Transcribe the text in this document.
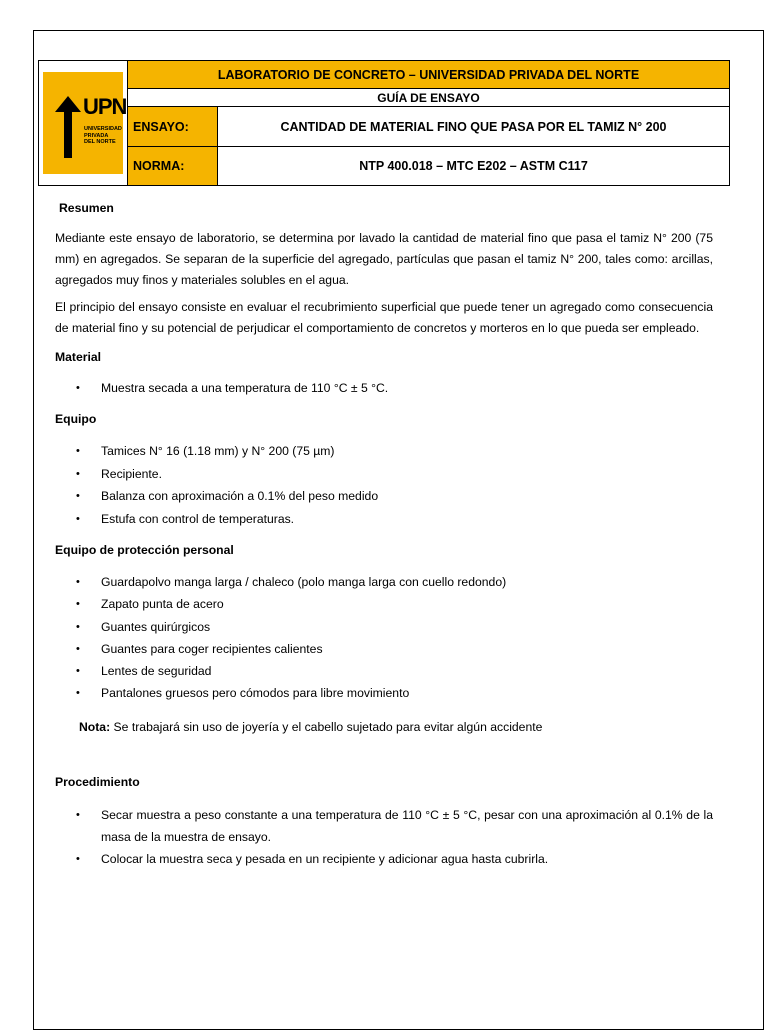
UPN
UNIVERSIDAD PRIVADA DEL NORTE
LABORATORIO DE CONCRETO – UNIVERSIDAD PRIVADA DEL NORTE
GUÍA DE ENSAYO
ENSAYO:	CANTIDAD DE MATERIAL FINO QUE PASA POR EL TAMIZ N° 200
NORMA:	NTP 400.018 – MTC E202 – ASTM C117
Resumen

Mediante este ensayo de laboratorio, se determina por lavado la cantidad de material fino que pasa el tamiz N° 200 (75 mm) en agregados. Se separan de la superficie del agregado, partículas que pasan el tamiz N° 200, tales como: arcillas, agregados muy finos y materiales solubles en el agua.

El principio del ensayo consiste en evaluar el recubrimiento superficial que puede tener un agregado como consecuencia de material fino y su potencial de perjudicar el comportamiento de concretos y morteros en lo que pueda ser empleado.

Material
• Muestra secada a una temperatura de 110 °C ± 5 °C.
Equipo
• Tamices N° 16 (1.18 mm) y N° 200 (75 µm)
• Recipiente.
• Balanza con aproximación a 0.1% del peso medido
• Estufa con control de temperaturas.
Equipo de protección personal
• Guardapolvo manga larga / chaleco (polo manga larga con cuello redondo)
• Zapato punta de acero
• Guantes quirúrgicos
• Guantes para coger recipientes calientes
• Lentes de seguridad
• Pantalones gruesos pero cómodos para libre movimiento
Nota: Se trabajará sin uso de joyería y el cabello sujetado para evitar algún accidente
Procedimiento
• Secar muestra a peso constante a una temperatura de 110 °C ± 5 °C, pesar con una aproximación al 0.1% de la masa de la muestra de ensayo.
• Colocar la muestra seca y pesada en un recipiente y adicionar agua hasta cubrirla.
